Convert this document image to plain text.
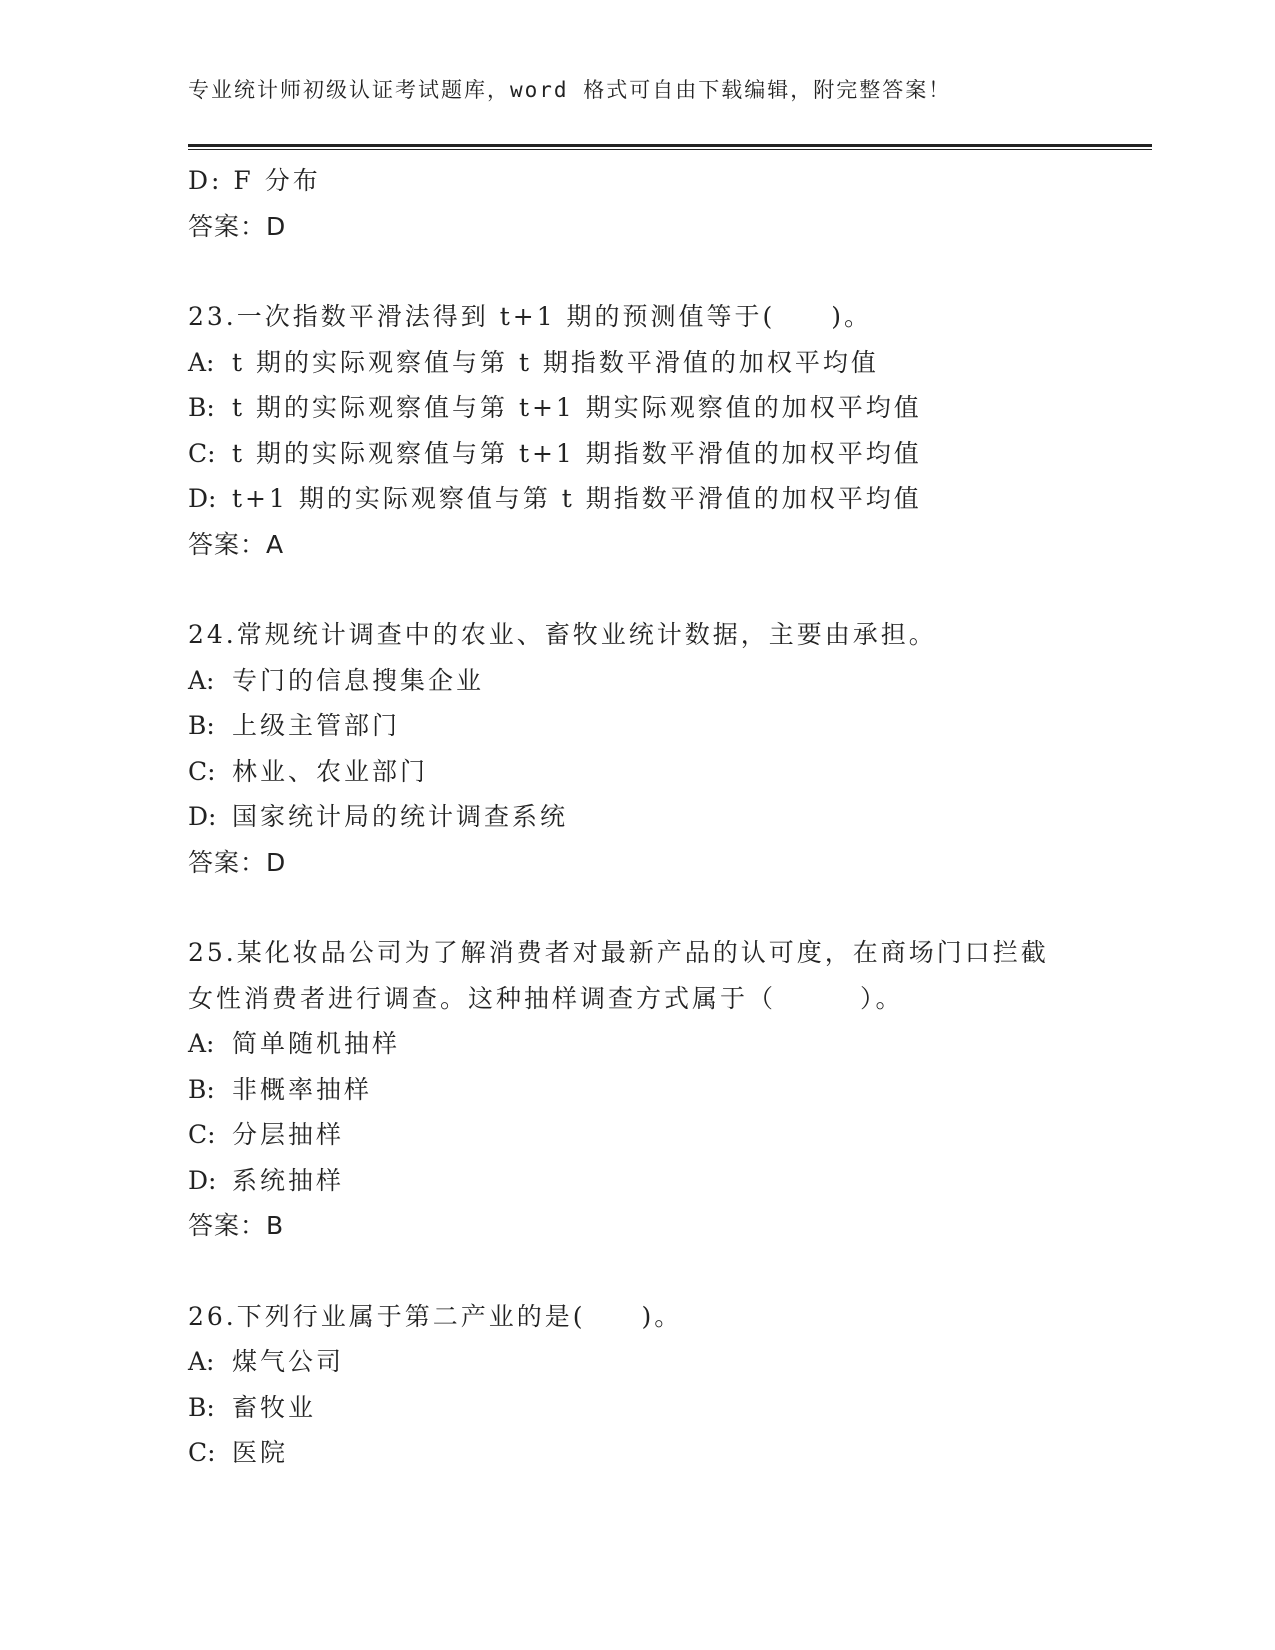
专业统计师初级认证考试题库，word 格式可自由下载编辑，附完整答案！
D: F 分布
答案：D
23.一次指数平滑法得到 t+1 期的预测值等于(　　)。
A: t 期的实际观察值与第 t 期指数平滑值的加权平均值
B: t 期的实际观察值与第 t+1 期实际观察值的加权平均值
C: t 期的实际观察值与第 t+1 期指数平滑值的加权平均值
D: t+1 期的实际观察值与第 t 期指数平滑值的加权平均值
答案：A
24.常规统计调查中的农业、畜牧业统计数据，主要由承担。
A: 专门的信息搜集企业
B: 上级主管部门
C: 林业、农业部门
D: 国家统计局的统计调查系统
答案：D
25.某化妆品公司为了解消费者对最新产品的认可度，在商场门口拦截
女性消费者进行调查。这种抽样调查方式属于（　　　）。
A: 简单随机抽样
B: 非概率抽样
C: 分层抽样
D: 系统抽样
答案：B
26.下列行业属于第二产业的是(　　)。
A: 煤气公司
B: 畜牧业
C: 医院
